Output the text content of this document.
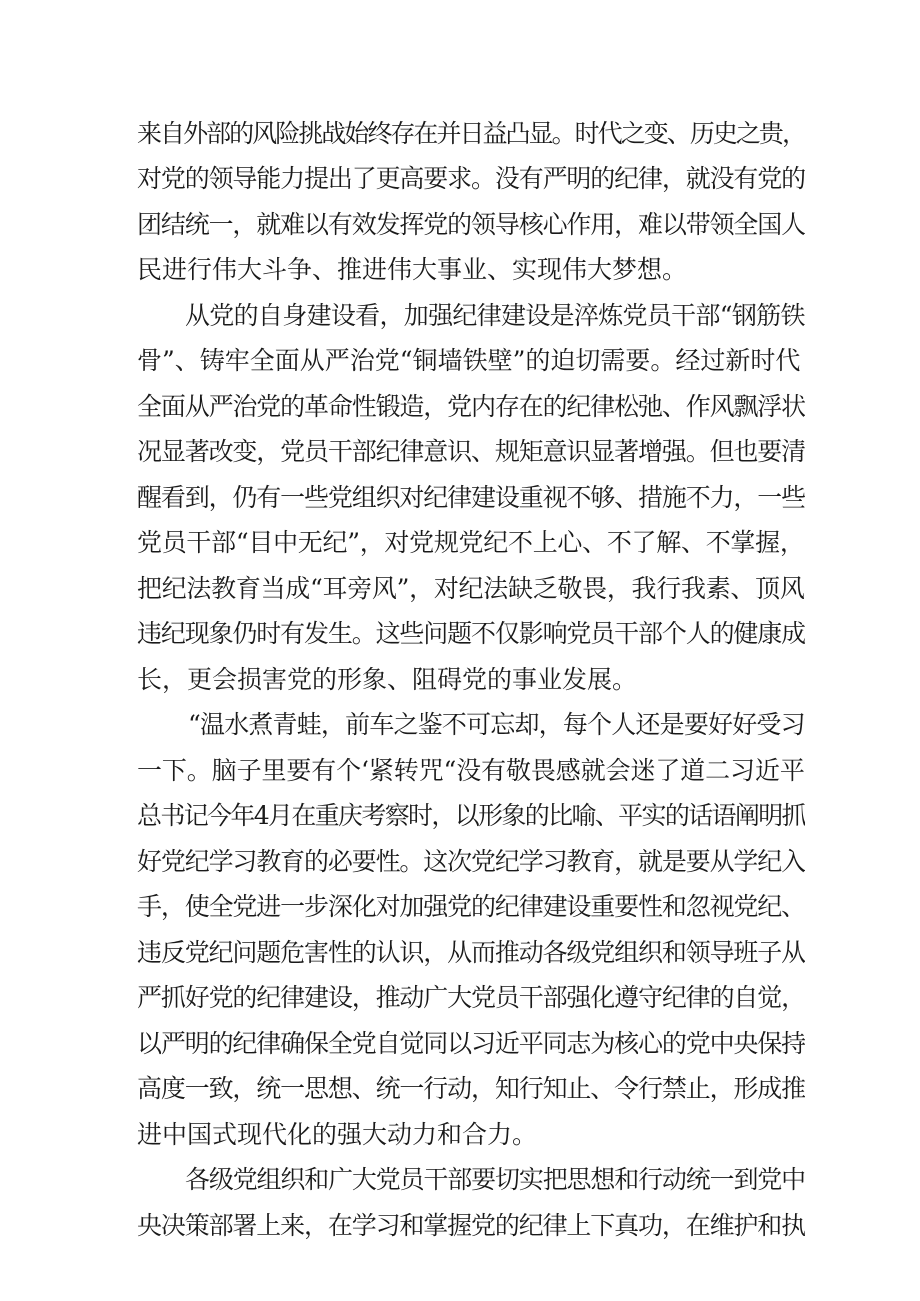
来自外部的风险挑战始终存在并日益凸显。时代之变、历史之贵，
对党的领导能力提出了更高要求。没有严明的纪律，就没有党的
团结统一，就难以有效发挥党的领导核心作用，难以带领全国人
民进行伟大斗争、推进伟大事业、实现伟大梦想。
从党的自身建设看，加强纪律建设是淬炼党员干部“钢筋铁
骨”、铸牢全面从严治党“铜墙铁壁”的迫切需要。经过新时代
全面从严治党的革命性锻造，党内存在的纪律松弛、作风飘浮状
况显著改变，党员干部纪律意识、规矩意识显著增强。但也要清
醒看到，仍有一些党组织对纪律建设重视不够、措施不力，一些
党员干部“目中无纪”，对党规党纪不上心、不了解、不掌握，
把纪法教育当成“耳旁风”，对纪法缺乏敬畏，我行我素、顶风
违纪现象仍时有发生。这些问题不仅影响党员干部个人的健康成
长，更会损害党的形象、阻碍党的事业发展。
“温水煮青蛙，前车之鉴不可忘却，每个人还是要好好受习
一下。脑子里要有个‘紧转咒“没有敬畏感就会迷了道二习近平
总书记今年4月在重庆考察时，以形象的比喻、平实的话语阐明抓
好党纪学习教育的必要性。这次党纪学习教育，就是要从学纪入
手，使全党进一步深化对加强党的纪律建设重要性和忽视党纪、
违反党纪问题危害性的认识，从而推动各级党组织和领导班子从
严抓好党的纪律建设，推动广大党员干部强化遵守纪律的自觉，
以严明的纪律确保全党自觉同以习近平同志为核心的党中央保持
高度一致，统一思想、统一行动，知行知止、令行禁止，形成推
进中国式现代化的强大动力和合力。
各级党组织和广大党员干部要切实把思想和行动统一到党中
央决策部署上来，在学习和掌握党的纪律上下真功，在维护和执
